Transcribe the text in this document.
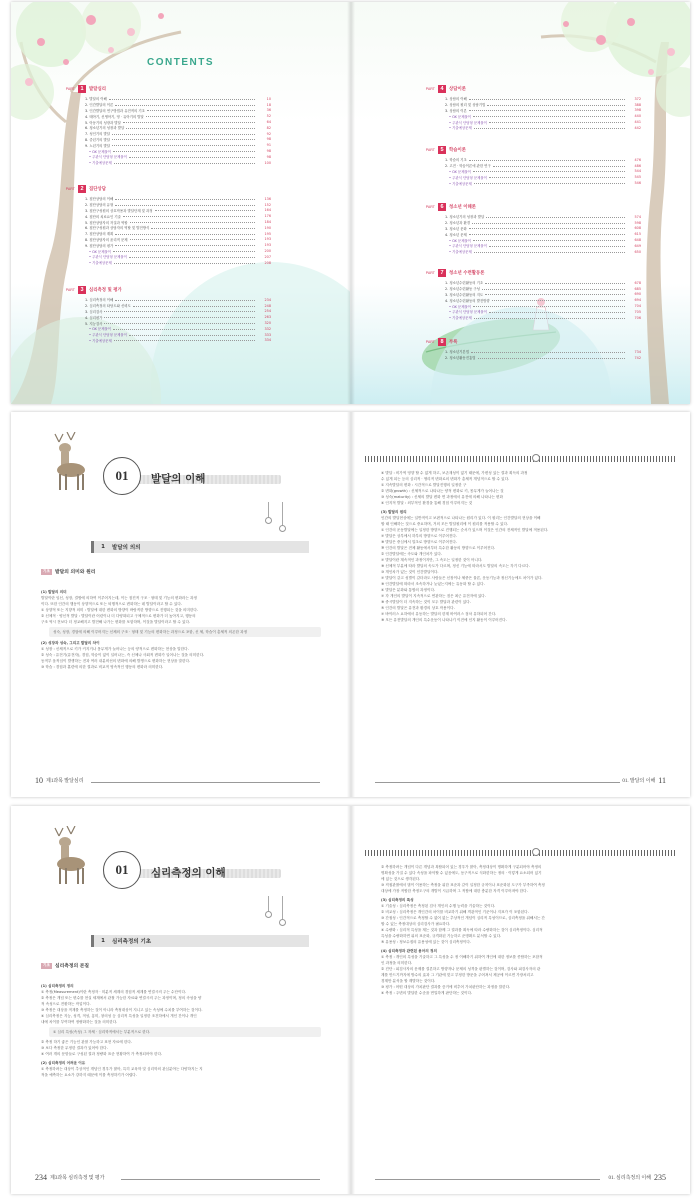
CONTENTS
PART 1	발달심리
1. 발달의 이해	10
2. 인간발달의 이론	18
3. 인간발달의 연구방법과 유전적의 기초	36
4. 태아기, 신생아기, 영 · 유아기의 발달	52
5. 아동기의 성장과 발달	64
6. 청소년기의 성장과 발달	82
7. 성인기의 발달	92
8. 중년기의 발달	98
9. 노년기의 발달	91
• OX 문제풀이	98
• 주관식 단답형 문제풀이	98
• 기출예상문제	100
PART 2	집단상담
1. 집단상담의 이해	136
2. 집단상담의 유형	152
3. 집단구성원의 상호작용과 발달단계 및 과정	164
4. 집단의 치료요인 기술	176
5. 집단상담자의 자질과 역할	184
6. 집단구성원과 상담자의 역할 및 발전방식	190
7. 집단상담의 계획	195
8. 집단상담자의 윤리적 문제	193
9. 집단상담의 평가	193
• OX 문제풀이	200
• 주관식 단답형 문제풀이	207
• 기출예상문제	208
PART 3	심리측정 및 평가
1. 심리측정의 이해	234
2. 심리측정의 타당도와 신뢰도	248
3. 심리검사	254
4. 심리평가	263
5. 지능검사	320
• OX 문제풀이	332
• 주관식 단답형 문제풀이	333
• 기출예상문제	334
PART 4	상담이론
1. 상담의 이해	372
2. 상담의 원리 및 상담기법	388
3. 상담의 이론	398
• OX 문제풀이	440
• 주관식 단답형 문제풀이	441
• 기출예상문제	442
PART 5	학습이론
1. 학습의 기초	476
2. 고전 · 학습이론에 관한 연구	486
• OX 문제풀이	544
• 주관식 단답형 문제풀이	545
• 기출예상문제	546
PART 6	청소년 이해론
1. 청소년기의 성장과 발달	574
2. 청소년과 환경	598
3. 청소년 문화	608
4. 청소년 문제	615
• OX 문제풀이	648
• 주관식 단답형 문제풀이	649
• 기출예상문제	650
PART 7	청소년 수련활동론
1. 청소년수련활동의 기초	678
2. 청소년수련활동 구성	685
3. 청소년수련활동의 지도	690
4. 청소년수련활동의 발전방향	694
• OX 문제풀이	704
• 주관식 단답형 문제풀이	705
• 기출예상문제	706
PART 8	부록
1. 청소년기본법	734
2. 청소년활동진흥법	742
01	발달의 이해
1	발달의 의의
기초	발달의 의미와 원리
(1) 발달의 의미
발달이란 임신, 성장, 결합에 의하여 이루어지는데, 이는 점진적 구조 · 형태 및 기능의 변화라는 과정
이다. 또한 인간의 행동이 상향적으로 또는 퇴행적으로 변화하는 데 발달이라고 할 수 있다.
① 상향적 또는 지향적 의미 : 발달에 대한 변화의 방향이 바람직한 방향으로 진행되는 것을 의미한다.
② 신체적 · 양신적 발달 : 발달이란 어린이나 더 다양화되고 구체적으로 변화가 더 높아지고, 행동의
구조 역시 전보다 더 정교해지고 발전해 나가는 변화를 포함하며, 이것을 발달이라고 할 수 있다.
성숙, 성장, 경험에 의해 이루어지는 신체의 구조 · 형태 및 기능의 변화하는 과정으로 포함, 신 체, 학습이 총체적 의존한 과정
(2) 성장과 성숙, 그리고 발달의 차이
① 성장 : 신체적으로 키가 커지거나 몸무게가 늘어나는 등의 양적으로 변화하는 현상을 말한다.
② 성숙 : 유전기(유전자), 경험, 학습이 없이 일어나는, 즉 신체나 사회적 변화가 일어나는 것을 의미한다.
동적부 움직임이 발생하는 전과 여러 내분비선의 변화에 의해 발생으로 변화하는 현상을 말한다.
③ 학습 : 경험과 훈련에 의한 결과로 비교적 영속적인 행동의 변화라 의미한다.
10 제1과목 발달심리
④ 발달 : 비가역 영향 할 수 없게 하고, 보존재성이 없기 때문에, 가변성 있는 결과 획득의 과정
수 있게 되는 등의 심리적 · 생리적 변화로의 변화가 총체적 개념적으로 할 수 있다.
① 지속발달의 변화 : 시간적으로 발달진행의 일정한 구
② 변화(growth) : 신체적으로 나타나는 양적 변화로 키, 몸무게가 늘어나는 것
③ 성숙(maturity) : 신체의 발달 변화 면 과정에서 유전에 의해 나타나는 변화
④ 인지적 발달 : 외부적인 환경을 통해 경험 이루어지는 것
(3) 발달의 원리
인간의 발달현상에는 일반적이고 보편적으로 나타나는 원리가 있다. 이 원리는 인간발달의 현상을 이해
할 때 인해하는 것으로 중요하며, 거의 모든 발달원리에 이 원리를 적용할 수 있다.
① 인간의 운동발달에는 일정한 방향으로 진행되는 순서가 있으며 이것은 인간의 전체적인 발달에 적용된다.
⑦ 발달은 상부에서 하부의 방향으로 이루어진다.
⑧ 발달은 중심에서 말초로 방향으로 이루어진다.
⑨ 인간의 발달은 전체 활동에서부터 특수한 활동의 방향으로 이루어진다.
② 인간발달에는 속도와 개인차가 있다.
⑦ 발달이란 계속적인 과정이지만, 그 속도는 일정한 것이 아니다.
⑧ 신체적 부분에 따라 발달의 속도가 다르며, 정신 기능에 따라서도 발달의 속도는 각기 다르다.
③ 개인차가 있는 것이 인간발달이다.
⑦ 발달이 같고 성별이 같더라도 사람들은 신장이나 체중은 물론, 운동기능과 정신기능에도 차이가 있다.
⑧ 인간발달에 따라서 조속하거나 늦었는지에는 유동화 할 수 있다.
④ 발달은 분화와 통합의 과정이다.
⑦ 각 개인의 발달이 지속적으로 연관하는 점은 최근 유전자에 있다.
⑧ 중시발달이 더 지속하는 것이 모두 발달과 관련이 있다.
⑤ 인간의 발달은 유전과 환경의 상호 작용이다.
⑦ 바이러스 요하에서 유동하는 발달의 한계 바이러스 점차 유하되어 간다.
⑧ 모든 유전발달의 개인의 특수운동이 나타나기 이전에 인지 활동이 이루어진다.
01. 발달의 이해 11
01	심리측정의 이해
1	심리측정의 기초
기초	심리측정의 본질
(1) 심리측정의 정의
① 측정(Measurement)이란 측정자 · 미분적 세계의 경험적 세계를 연결시켜 주는 수단이다.
② 측정은 개념 또는 변수를 현실 세계에서 관찰 가능한 자료와 연결시켜 주는 과정이며, 정의 속성을 양
적 속성으로 전환하는 작업이다.
③ 측정은 대상을 적재를 측정하는 것이 아니라 측정대상이 지니고 있는 속성에 수치를 부여하는 것이다.
④ 심리측정은 지능, 성격, 적성, 흥미, 창의성 등 심리적 특성을 일정한 조건하에서 개인 간이나 개인
내에 차이를 부여하여 정량화하는 것을 의미한다.
① 심리 특성(속성) 그 자체 · 심리학적에서는 부분적으로 한다.
② 측정 하기 좋은 기능인 관찰 가능하고 표현 자료에 한다.
③ 보다 측정한 무정한 결과가 있어야 한다.
④ 여러 개의 문항들로 구성된 결과 정량화 표준 현황하여 가 측정되어야 한다.
(2) 심리측정의 어려운 이유
① 측정하려는 대상이 추상적인 개념인 경우가 많아, 특히 교육학 및 심리학의 관심분야는 다양하지는 지
적을 예측하는 요소가 강하지 때문에 이를 측정하기가 어렵다.
234 제3과목 심리측정 및 평가
② 측정하려는 개념이 다른 개념과 복합되어 있는 경우가 많아, 측정대상이 명확하게 구분되어야 측정의
명확성을 가질 수 있다 속성을 파악할 수 있음에도, 동구적으로 식화한하는 정의 · 이렇게 요소되어 있기
에 있는 것으로 생각된다.
③ 직접관찰에서 많이 이용하는 측정을 위한 표준과 같이 일정한 규칙이나 표준화된 도구가 부족하여 측정
대상에 가장 적합한 측정도구의 개발이 시급하며 그 적합에 대한 충분한 자격 이루어져야 한다.
(3) 심리측정의 특성
① 기술성 : 심리측정은 측정된 검사 개인의 수행 능력을 기술하는 것이다.
② 비교성 : 심리측정은 개인간의 차이를 비교하기 위해 객관적인 기준이나 지표가 이 포함된다.
③ 간접성 : 인간적으로 측정할 수 없어 없는 추상적인 개념이 심리적 특성이므로, 심리측정을 위해서는 간
할 수 있는 측정대상의 심리검사가 필요하다.
④ 수량화 : 심리적 특성을 재는 것과 함께 그 결과를 획득에 따라 수량화하는 것이 심리측정이다. 심리적
특성을 수량화하면 위의 표준화, 규격화된 기능하고 준명확도 분석할 수 있다.
⑤ 유용성 : 정보수집의 유용성에 있는 것이 심리측정이다.
(4) 심리측정과 관련된 용어의 정의
① 측정 : 개인의 특성을 기술하고 그 특성을 수 정 이해하기 위하여 개인에 대한 정보를 종합하는 포함적
인 과정을 의미한다.
② 진단 : 피검사자의 문제를 결론하고 방향자나 문제의 성격을 판별하는 것이며, 검사와 피검사자의 관
계를 만드기까지에 방수의 효과 그 기관에 맞고 부정한 방문을 주어져서 제공에 이르면 가장처리고
경계만 분석을 할 계발하는 것이다.
③ 평가 : 어떤 대상의 가치판단 결과를 증거에 비추어 가치판단하는 과정을 말한다.
④ 측정 : 주변의 발달한 수준을 면밀하게 판단하는 것이다.
01. 심리측정의 이해 235
